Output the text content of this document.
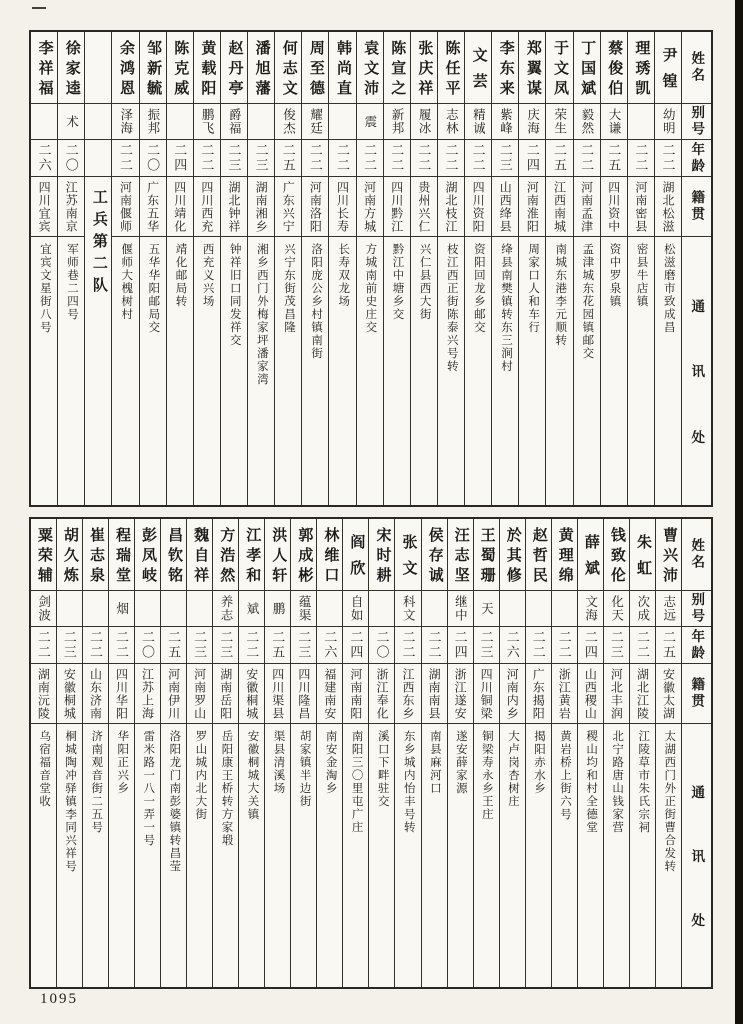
姓名
别号
年龄
籍贯
通
讯
处
尹
锽
幼明
二二
湖北松滋
松滋磨市致成昌
理
琇
凯
二二
河南密县
密县牛店镇
蔡
俊
伯
大谦
二五
四川资中
资中罗泉镇
丁
国
斌
毅然
二二
河南孟津
孟津城东花园镇邮交
于
文
凤
荣生
二五
江西南城
南城东港李元顺转
郑
翼
谋
庆海
二四
河南淮阳
周家口人和车行
李
东
来
紫峰
二三
山西绛县
绛县南樊镇转东三涧村
文
芸
精诚
二二
四川资阳
资阳回龙乡邮交
陈
任
平
志林
二二
湖北枝江
枝江西正街陈泰兴号转
张
庆
祥
履冰
二二
贵州兴仁
兴仁县西大街
陈
宣
之
新邦
二二
四川黔江
黔江中塘乡交
袁
文
沛
震
二二
河南方城
方城南前史庄交
韩
尚
直
二二
四川长寿
长寿双龙场
周
至
德
耀廷
二二
河南洛阳
洛阳庞公乡村镇南街
何
志
文
俊杰
二五
广东兴宁
兴宁东街茂昌隆
潘
旭
藩
二三
湖南湘乡
湘乡西门外梅家坪潘家湾
赵
丹
亭
爵福
二三
湖北钟祥
钟祥旧口同发祥交
黄
载
阳
鹏飞
二二
四川西充
西充义兴场
陈
克
威
二四
四川靖化
靖化邮局转
邹
新
毓
振邦
二〇
广东五华
五华华阳邮局交
余
鸿
恩
泽海
二二
河南偃师
偃师大槐树村
工兵第二队
徐
家
逵
术
二〇
江苏南京
军师巷二四号
李
祥
福
二六
四川宜宾
宜宾文星街八号
姓名
别号
年龄
籍贯
通
讯
处
曹
兴
沛
志远
二五
安徽太湖
太湖西门外正街曹合发转
朱
虹
次成
二二
湖北江陵
江陵草市朱氏宗祠
钱
致
伦
化天
二三
河北丰润
北宁路唐山钱家营
薛
斌
文海
二四
山西稷山
稷山均和村全德堂
黄
理
绵
二二
浙江黄岩
黄岩桥上街六号
赵
哲
民
二二
广东揭阳
揭阳赤水乡
於
其
修
二六
河南内乡
大卢岗杏树庄
王
蜀
珊
天
二三
四川铜梁
铜梁寿永乡王庄
汪
志
坚
继中
二四
浙江遂安
遂安薛家源
侯
存
诚
二二
湖南南县
南县麻河口
张
文
科文
二二
江西东乡
东乡城内怡丰号转
宋
时
耕
二〇
浙江奉化
溪口下畔驻交
阎
欣
自如
二四
河南南阳
南阳三〇里屯广庄
林
维
口
二六
福建南安
南安金淘乡
郭
成
彬
蕴渠
二三
四川隆昌
胡家镇半边街
洪
人
轩
鹏
二五
四川渠县
渠县清溪场
江
孝
和
斌
二二
安徽桐城
安徽桐城大关镇
方
浩
然
养志
二三
湖南岳阳
岳阳康王桥转方家塅
魏
自
祥
二三
河南罗山
罗山城内北大街
昌
钦
铭
二五
河南伊川
洛阳龙门南彭婆镇转昌莹
彭
凤
岐
二〇
江苏上海
雷米路一八一弄一号
程
瑞
堂
烟
二二
四川华阳
华阳正兴乡
崔
志
泉
二二
山东济南
济南观音街二五号
胡
久
炼
二三
安徽桐城
桐城陶冲驿镇李同兴祥号
粟
荣
辅
剑波
二二
湖南沅陵
乌宿福音堂收
1095
